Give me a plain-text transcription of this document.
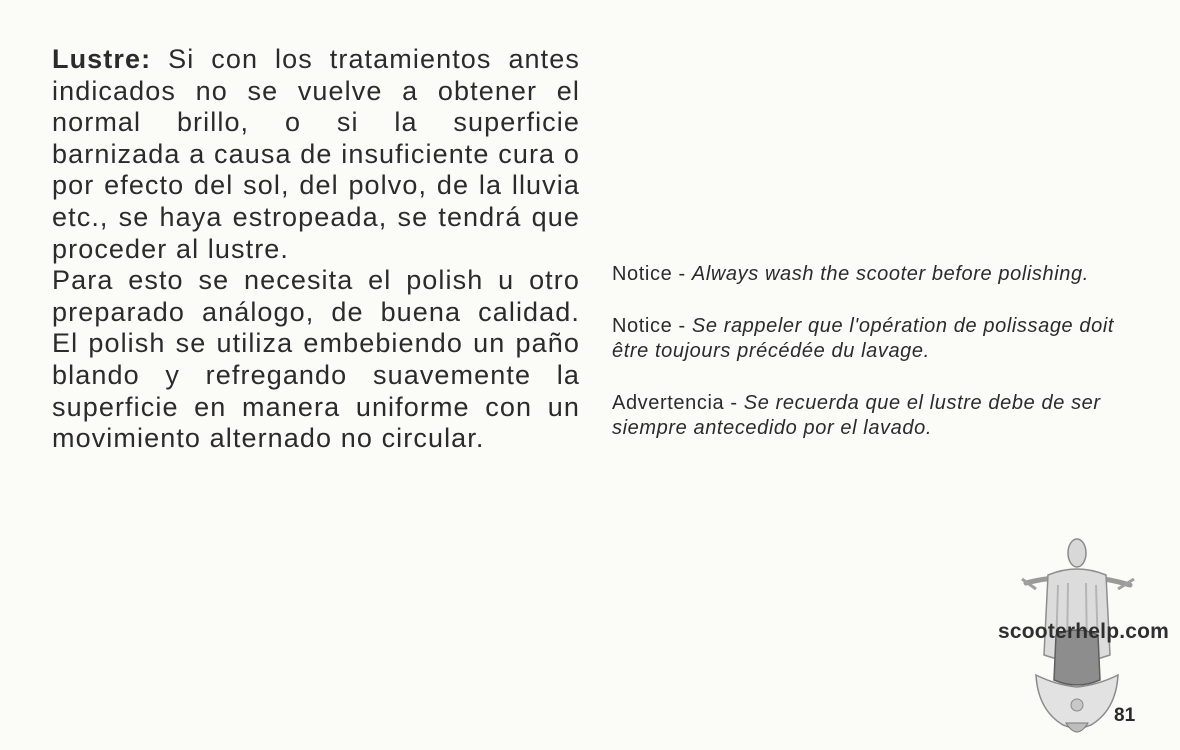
Lustre: Si con los tratamientos antes indicados no se vuelve a obtener el normal brillo, o si la superficie barnizada a causa de insuficiente cura o por efecto del sol, del polvo, de la lluvia etc., se haya estropeada, se tendrá que proceder al lustre.

Para esto se necesita el polish u otro preparado análogo, de buena calidad. El polish se utiliza embebiendo un paño blando y refregando suavemente la superficie en manera uniforme con un movimiento alternado no circular.

Notice - Always wash the scooter before polishing.

Notice - Se rappeler que l'opération de polissage doit être toujours précédée du lavage.

Advertencia - Se recuerda que el lustre debe de ser siempre antecedido por el lavado.

scooterhelp.com
81
